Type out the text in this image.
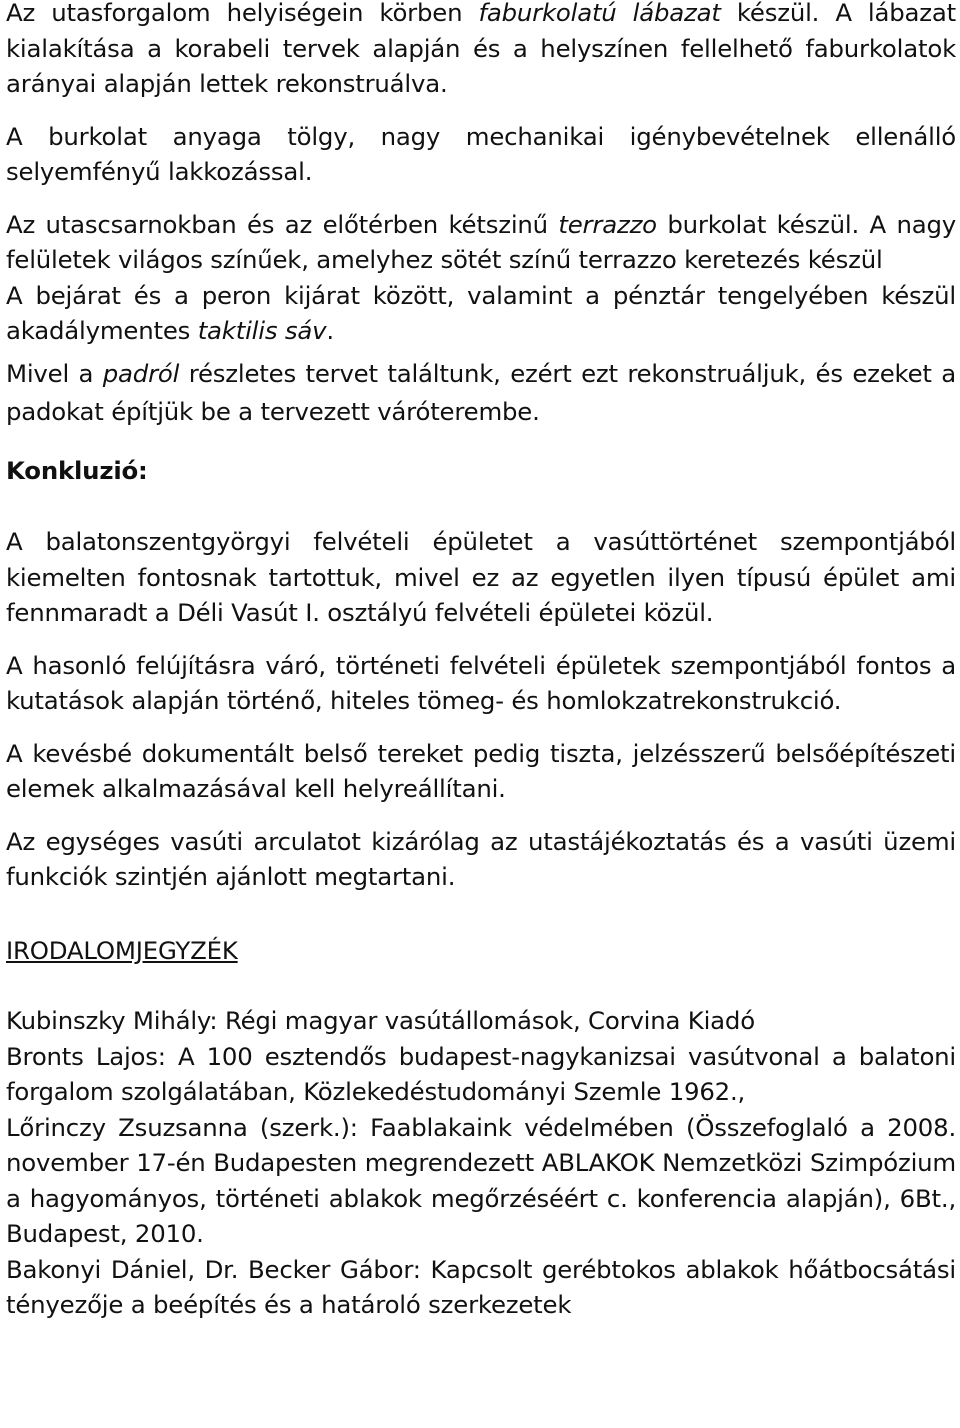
Az utasforgalom helyiségein körben faburkolatú lábazat készül. A lábazat kialakítása a korabeli tervek alapján és a helyszínen fellelhető faburkolatok arányai alapján lettek rekonstruálva.

A burkolat anyaga tölgy, nagy mechanikai igénybevételnek ellenálló selyemfényű lakkozással.

Az utascsarnokban és az előtérben kétszinű terrazzo burkolat készül. A nagy felületek világos színűek, amelyhez sötét színű terrazzo keretezés készül

A bejárat és a peron kijárat között, valamint a pénztár tengelyében készül akadálymentes taktilis sáv.

Mivel a padról részletes tervet találtunk, ezért ezt rekonstruáljuk, és ezeket a padokat építjük be a tervezett váróterembe.

Konkluzió:

A balatonszentgyörgyi felvételi épületet a vasúttörténet szempontjából kiemelten fontosnak tartottuk, mivel ez az egyetlen ilyen típusú épület ami fennmaradt a Déli Vasút I. osztályú felvételi épületei közül.

A hasonló felújításra váró, történeti felvételi épületek szempontjából fontos a kutatások alapján történő, hiteles tömeg- és homlokzatrekonstrukció.

A kevésbé dokumentált belső tereket pedig tiszta, jelzésszerű belsőépítészeti elemek alkalmazásával kell helyreállítani.

Az egységes vasúti arculatot kizárólag az utastájékoztatás és a vasúti üzemi funkciók szintjén ajánlott megtartani.

IRODALOMJEGYZÉK

Kubinszky Mihály: Régi magyar vasútállomások, Corvina Kiadó

Bronts Lajos: A 100 esztendős budapest-nagykanizsai vasútvonal a balatoni forgalom szolgálatában, Közlekedéstudományi Szemle 1962.,

Lőrinczy Zsuzsanna (szerk.): Faablakaink védelmében (Összefoglaló a 2008. november 17-én Budapesten megrendezett ABLAKOK Nemzetközi Szimpózium a hagyományos, történeti ablakok megőrzéséért c. konferencia alapján), 6Bt., Budapest, 2010.

Bakonyi Dániel, Dr. Becker Gábor: Kapcsolt gerébtokos ablakok hőátbocsátási tényezője a beépítés és a határoló szerkezetek
